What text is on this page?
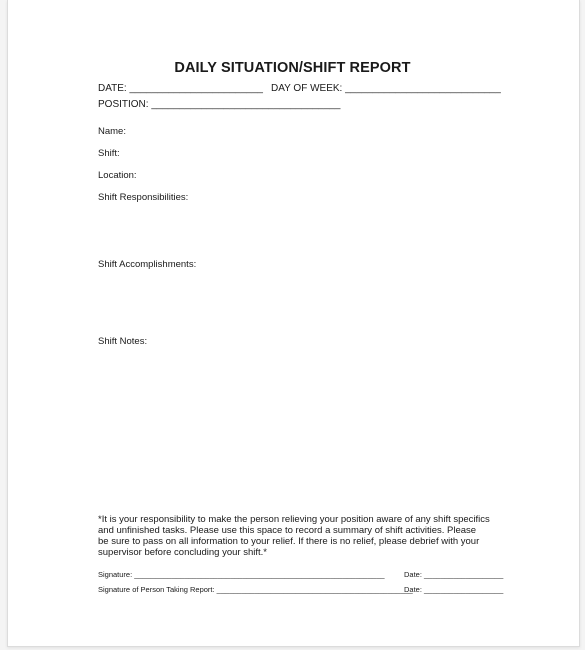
DAILY SITUATION/SHIFT REPORT
DATE: ________________________ DAY OF WEEK: ____________________________
POSITION: __________________________________
Name:
Shift:
Location:
Shift Responsibilities:
Shift Accomplishments:
Shift Notes:
*It is your responsibility to make the person relieving your position aware of any shift specifics
and unfinished tasks. Please use this space to record a summary of shift activities. Please
be sure to pass on all information to your relief. If there is no relief, please debrief with your
supervisor before concluding your shift.*
Signature: ____________________________________________________________	Date: ___________________
Signature of Person Taking Report: _______________________________________________
Date: ___________________
